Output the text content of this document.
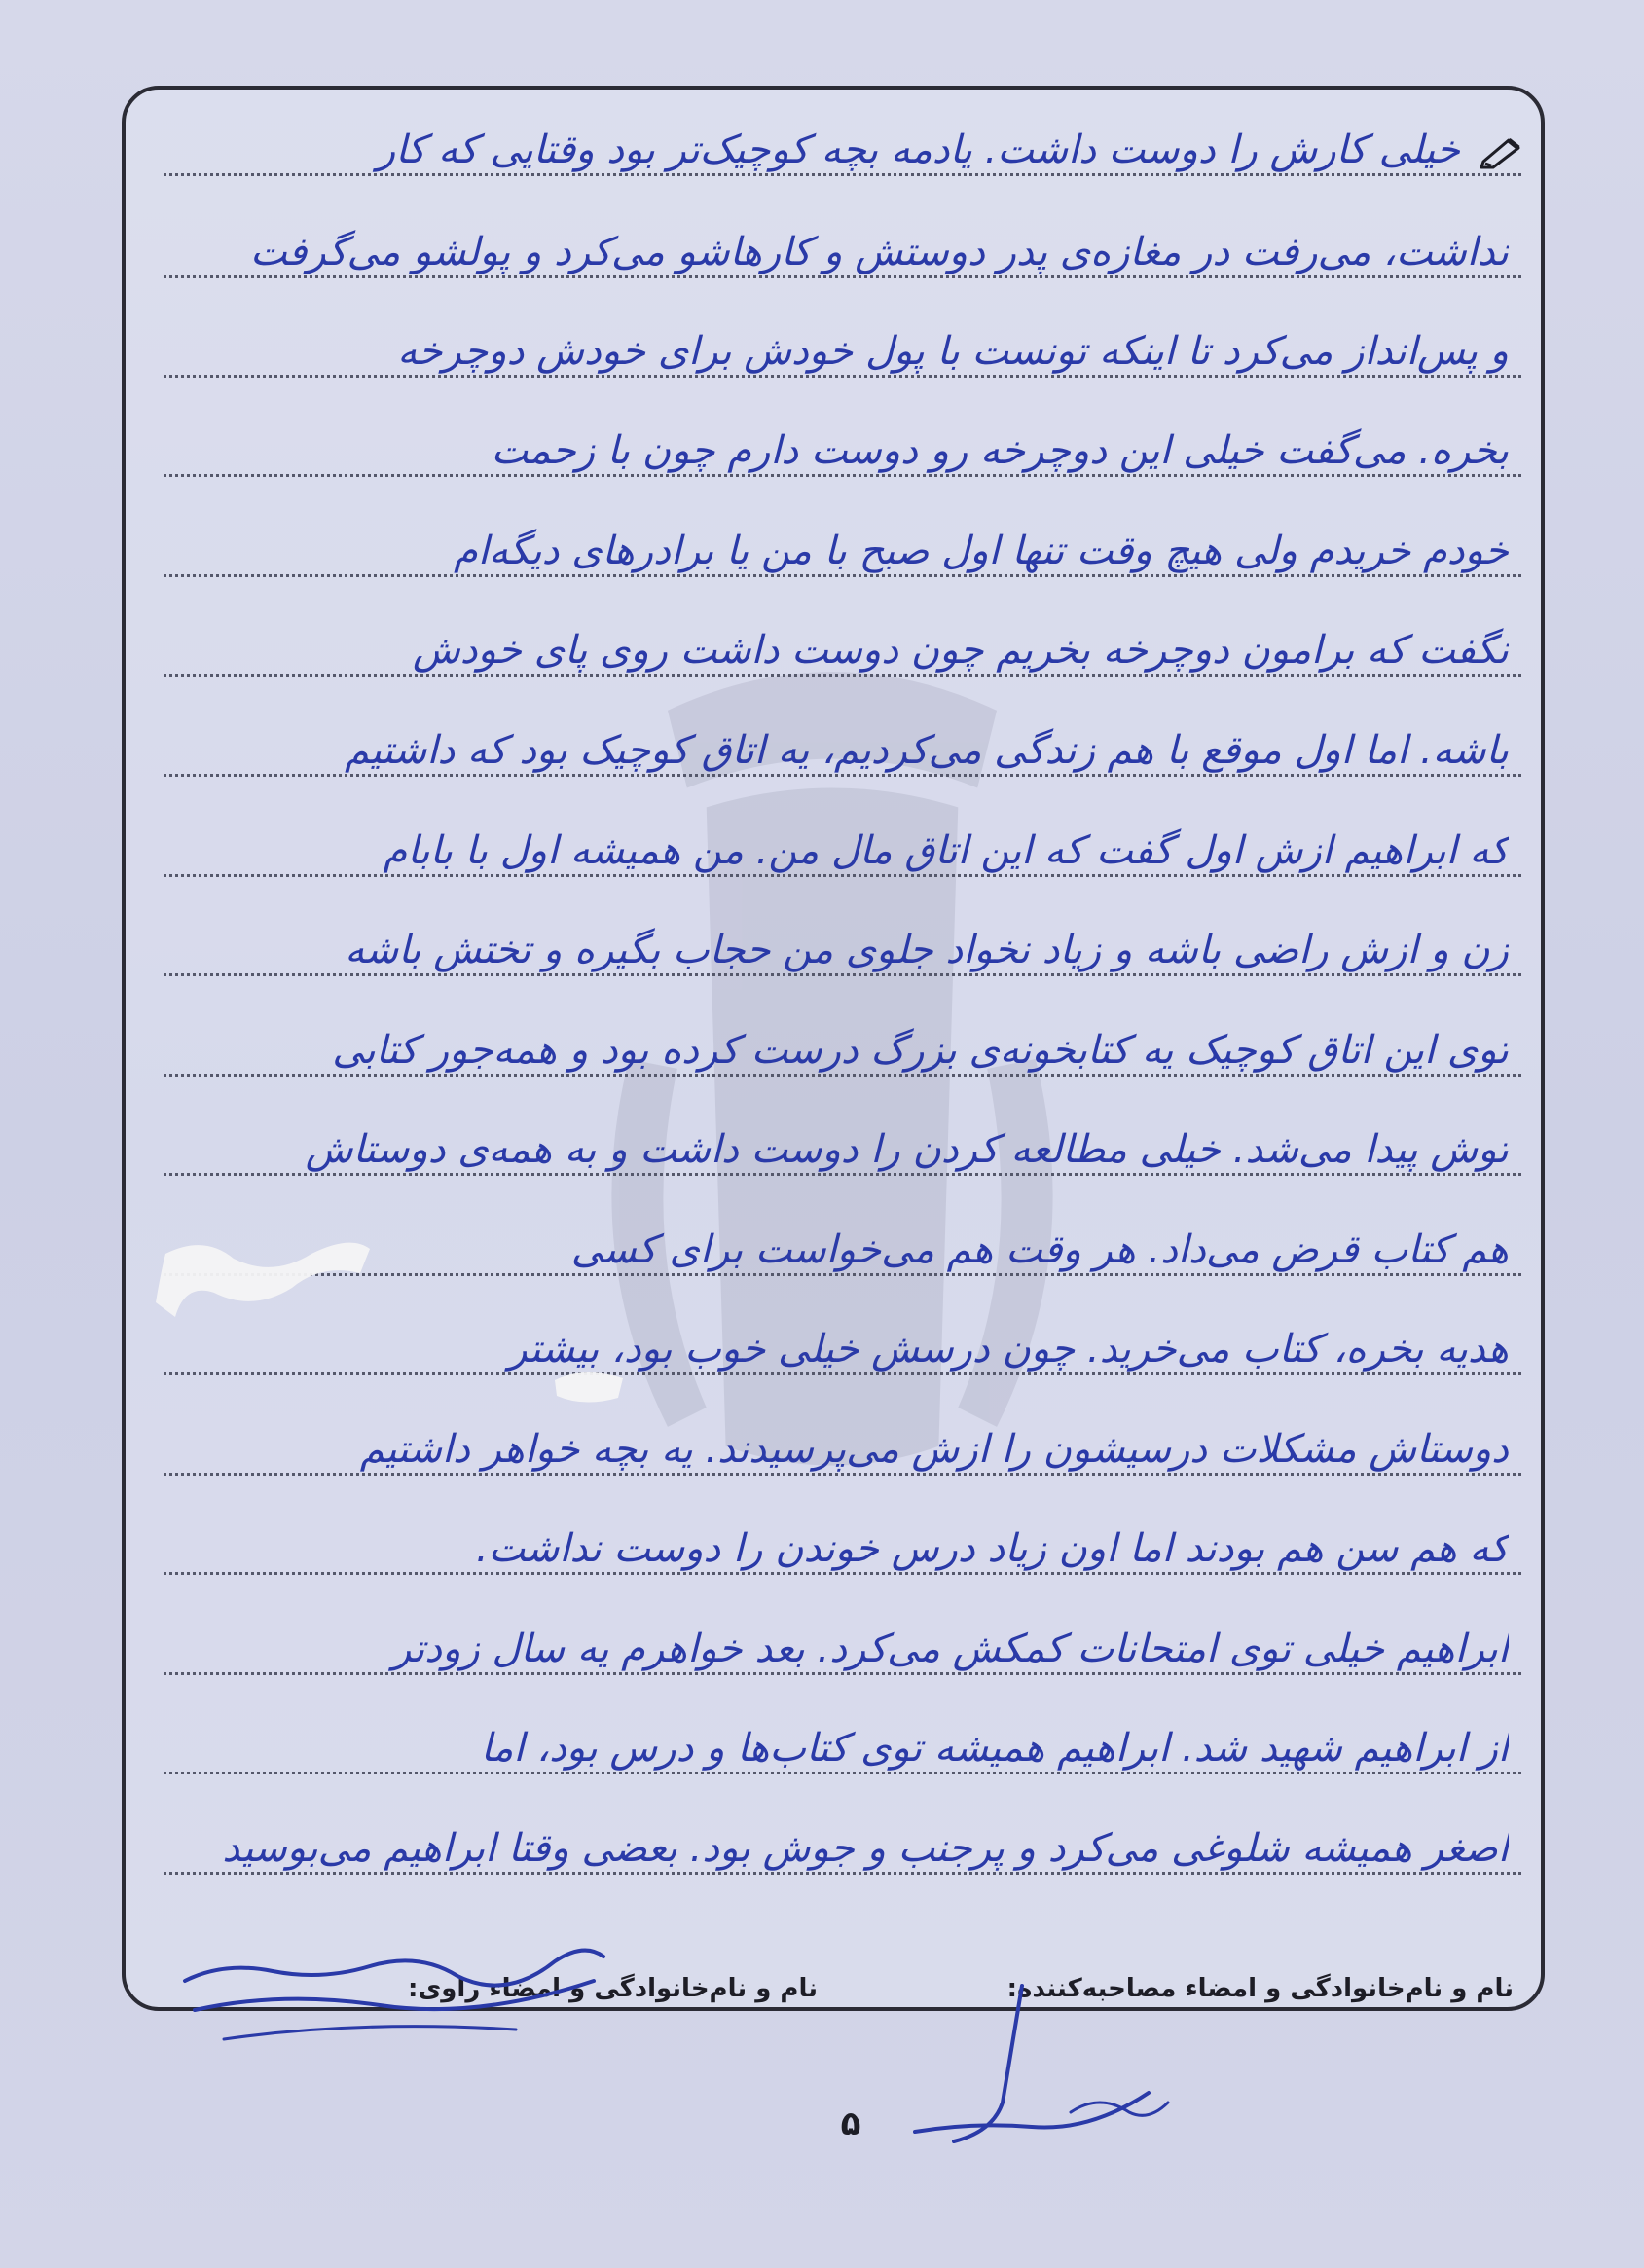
خیلی کارش را دوست داشت. یادمه بچه کوچیک‌تر بود وقتایی که کار
نداشت، می‌رفت در مغازه‌ی پدر دوستش و کارهاشو می‌کرد و پولشو می‌گرفت
و پس‌انداز می‌کرد تا اینکه تونست با پول خودش برای خودش دوچرخه
بخره. می‌گفت خیلی این دوچرخه رو دوست دارم چون با زحمت
خودم خریدم ولی هیچ وقت تنها اول صبح با من یا برادرهای دیگه‌ام
نگفت که برامون دوچرخه بخریم چون دوست داشت روی پای خودش
باشه. اما اول موقع با هم زندگی می‌کردیم، یه اتاق کوچیک بود که داشتیم
که ابراهیم ازش اول گفت که این اتاق مال من. من همیشه اول با بابام
زن و ازش راضی باشه و زیاد نخواد جلوی من حجاب بگیره و تختش باشه
توی این اتاق کوچیک یه کتابخونه‌ی بزرگ درست کرده بود و همه‌جور کتابی
توش پیدا می‌شد. خیلی مطالعه کردن را دوست داشت و به همه‌ی دوستاش
هم کتاب قرض می‌داد. هر وقت هم می‌خواست برای کسی
هدیه بخره، کتاب می‌خرید. چون درسش خیلی خوب بود، بیشتر
دوستاش مشکلات درسیشون را ازش می‌پرسیدند. یه بچه خواهر داشتیم
که هم سن هم بودند اما اون زیاد درس خوندن را دوست نداشت.
ابراهیم خیلی توی امتحانات کمکش می‌کرد. بعد خواهرم یه سال زودتر
از ابراهیم شهید شد. ابراهیم همیشه توی کتاب‌ها و درس بود، اما
اصغر همیشه شلوغی می‌کرد و پرجنب و جوش بود. بعضی وقتا ابراهیم می‌بوسید
نام و نام‌خانوادگی و امضاء مصاحبه‌کننده:
نام و نام‌خانوادگی و امضاء راوی:
۵
